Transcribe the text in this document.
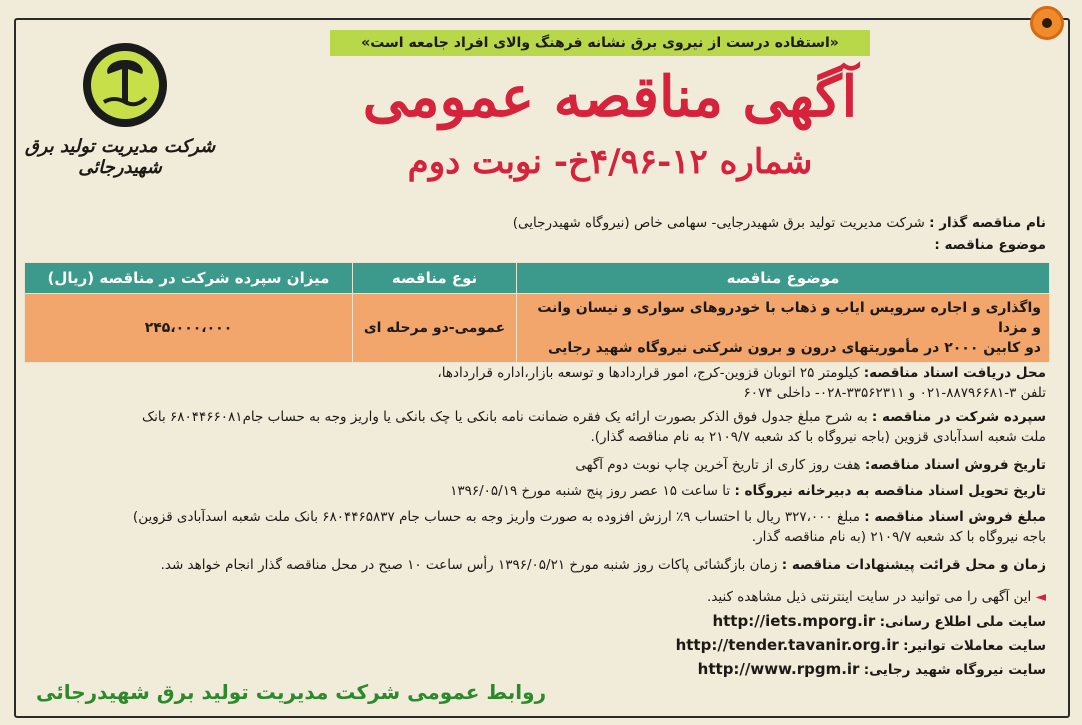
شرکت مدیریت تولید برق شهیدرجائی
«استفاده درست از نیروی برق نشانه فرهنگ والای افراد جامعه است»
آگهی مناقصه عمومی
شماره ۱۲-۴/۹۶خ- نوبت دوم
نام مناقصه گذار : شرکت مدیریت تولید برق شهیدرجایی- سهامی خاص (نیروگاه شهیدرجایی)
موضوع مناقصه :
موضوع مناقصه	نوع مناقصه	میزان سپرده شرکت در مناقصه (ریال)

واگذاری و اجاره سرویس ایاب و ذهاب با خودروهای سواری و نیسان وانت و مزدا
دو کابین ۲۰۰۰ در مأموریتهای درون و برون شرکتی نیروگاه شهید رجایی	عمومی-دو مرحله ای	۲۴۵،۰۰۰،۰۰۰
محل دریافت اسناد مناقصه: کیلومتر ۲۵ اتوبان قزوین-کرج، امور قراردادها و توسعه بازار،اداره قراردادها،
تلفن ۳-۸۸۷۹۶۶۸۱-۰۲۱ و ۳۳۵۶۲۳۱۱-۰۲۸- داخلی ۶۰۷۴
سپرده شرکت در مناقصه : به شرح مبلغ جدول فوق الذکر بصورت ارائه یک فقره ضمانت نامه بانکی یا چک بانکی یا واریز وجه به حساب جام۶۸۰۴۴۶۶۰۸۱ بانک
ملت شعبه اسدآبادی قزوین (باجه نیروگاه با کد شعبه ۲۱۰۹/۷ به نام مناقصه گذار).
تاریخ فروش اسناد مناقصه: هفت روز کاری از تاریخ آخرین چاپ نوبت دوم آگهی
تاریخ تحویل اسناد مناقصه به دبیرخانه نیروگاه : تا ساعت ۱۵ عصر روز پنج شنبه مورخ ۱۳۹۶/۰۵/۱۹
مبلغ فروش اسناد مناقصه : مبلغ ۳۲۷،۰۰۰ ریال با احتساب ۹٪ ارزش افزوده به صورت واریز وجه به حساب جام ۶۸۰۴۴۶۵۸۳۷ بانک ملت شعبه اسدآبادی قزوین)
باجه نیروگاه با کد شعبه ۲۱۰۹/۷ (به نام مناقصه گذار.
زمان و محل قرائت پیشنهادات مناقصه : زمان بازگشائی پاکات روز شنبه مورخ ۱۳۹۶/۰۵/۲۱ رأس ساعت ۱۰ صبح در محل مناقصه گذار انجام خواهد شد.
◄ این آگهی را می توانید در سایت اینترنتی ذیل مشاهده کنید.
سایت ملی اطلاع رسانی: http://iets.mporg.ir
سایت معاملات توانیر: http://tender.tavanir.org.ir
سایت نیروگاه شهید رجایی: http://www.rpgm.ir
روابط عمومی شرکت مدیریت تولید برق شهیدرجائی
